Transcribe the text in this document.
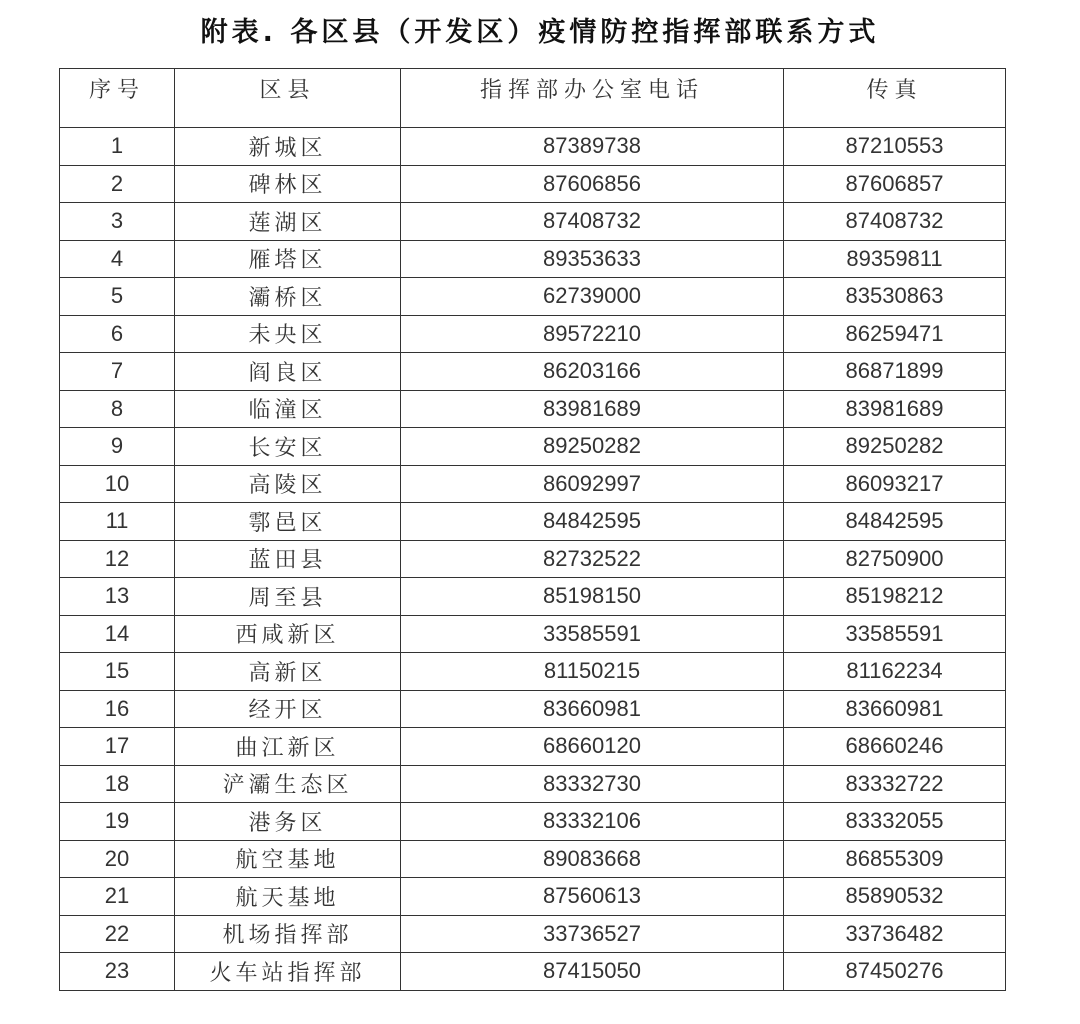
附表. 各区县（开发区）疫情防控指挥部联系方式
序号	区县	指挥部办公室电话	传真
1	新城区	87389738	87210553
2	碑林区	87606856	87606857
3	莲湖区	87408732	87408732
4	雁塔区	89353633	89359811
5	灞桥区	62739000	83530863
6	未央区	89572210	86259471
7	阎良区	86203166	86871899
8	临潼区	83981689	83981689
9	长安区	89250282	89250282
10	高陵区	86092997	86093217
11	鄠邑区	84842595	84842595
12	蓝田县	82732522	82750900
13	周至县	85198150	85198212
14	西咸新区	33585591	33585591
15	高新区	81150215	81162234
16	经开区	83660981	83660981
17	曲江新区	68660120	68660246
18	浐灞生态区	83332730	83332722
19	港务区	83332106	83332055
20	航空基地	89083668	86855309
21	航天基地	87560613	85890532
22	机场指挥部	33736527	33736482
23	火车站指挥部	87415050	87450276
